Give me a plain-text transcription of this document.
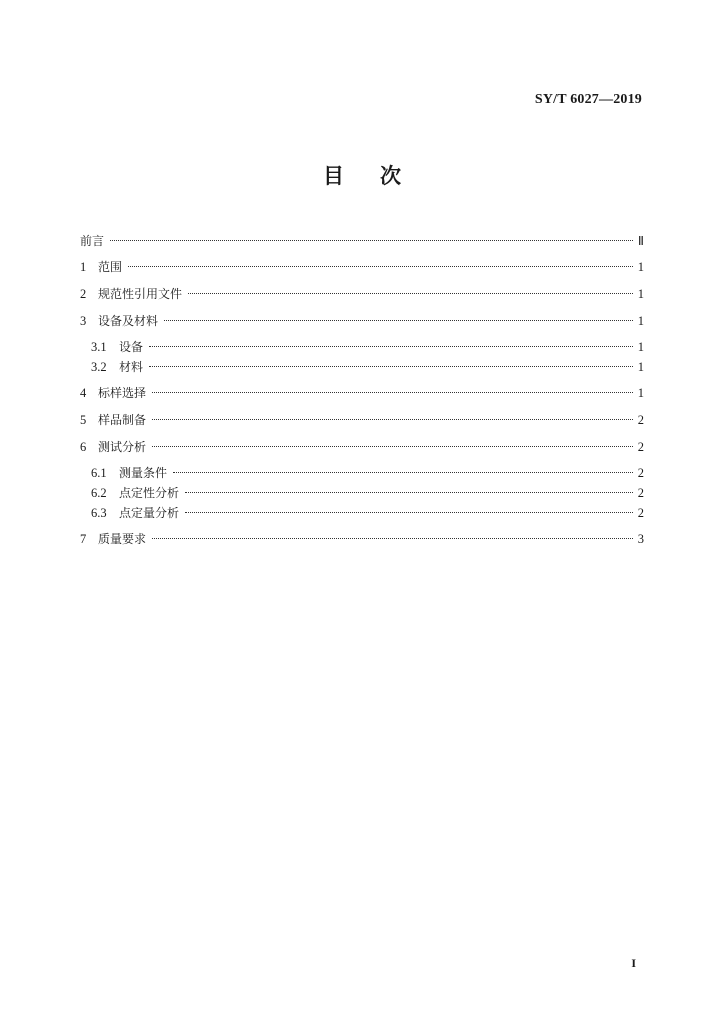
SY/T 6027—2019
目 次
前言	Ⅱ
1 范围	1
2 规范性引用文件	1
3 设备及材料	1
3.1	设备	1
3.2	材料	1
4 标样选择	1
5 样品制备	2
6 测试分析	2
6.1	测量条件	2
6.2	点定性分析	2
6.3	点定量分析	2
7 质量要求	3
I
